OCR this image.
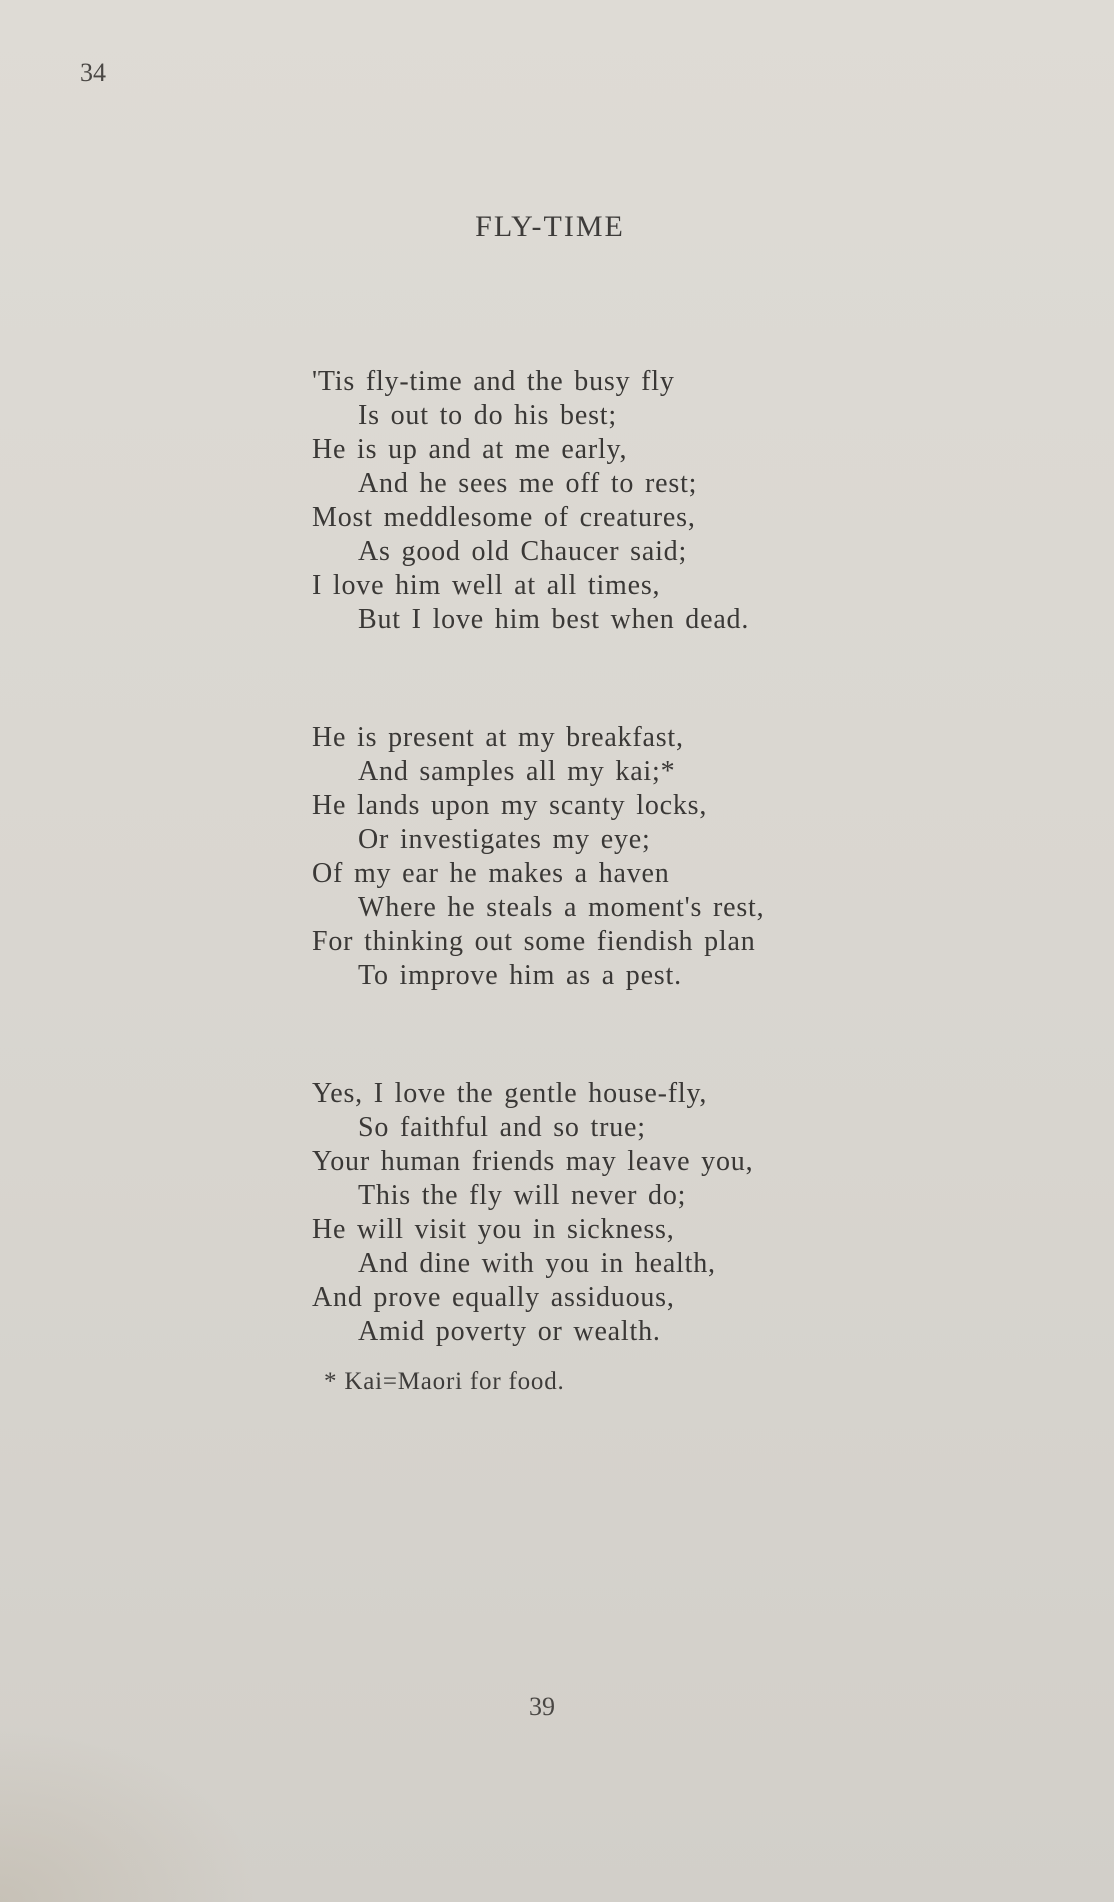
34
FLY-TIME
'Tis fly-time and the busy fly
Is out to do his best;
He is up and at me early,
And he sees me off to rest;
Most meddlesome of creatures,
As good old Chaucer said;
I love him well at all times,
But I love him best when dead.
He is present at my breakfast,
And samples all my kai;*
He lands upon my scanty locks,
Or investigates my eye;
Of my ear he makes a haven
Where he steals a moment's rest,
For thinking out some fiendish plan
To improve him as a pest.
Yes, I love the gentle house-fly,
So faithful and so true;
Your human friends may leave you,
This the fly will never do;
He will visit you in sickness,
And dine with you in health,
And prove equally assiduous,
Amid poverty or wealth.
* Kai=Maori for food.
39
